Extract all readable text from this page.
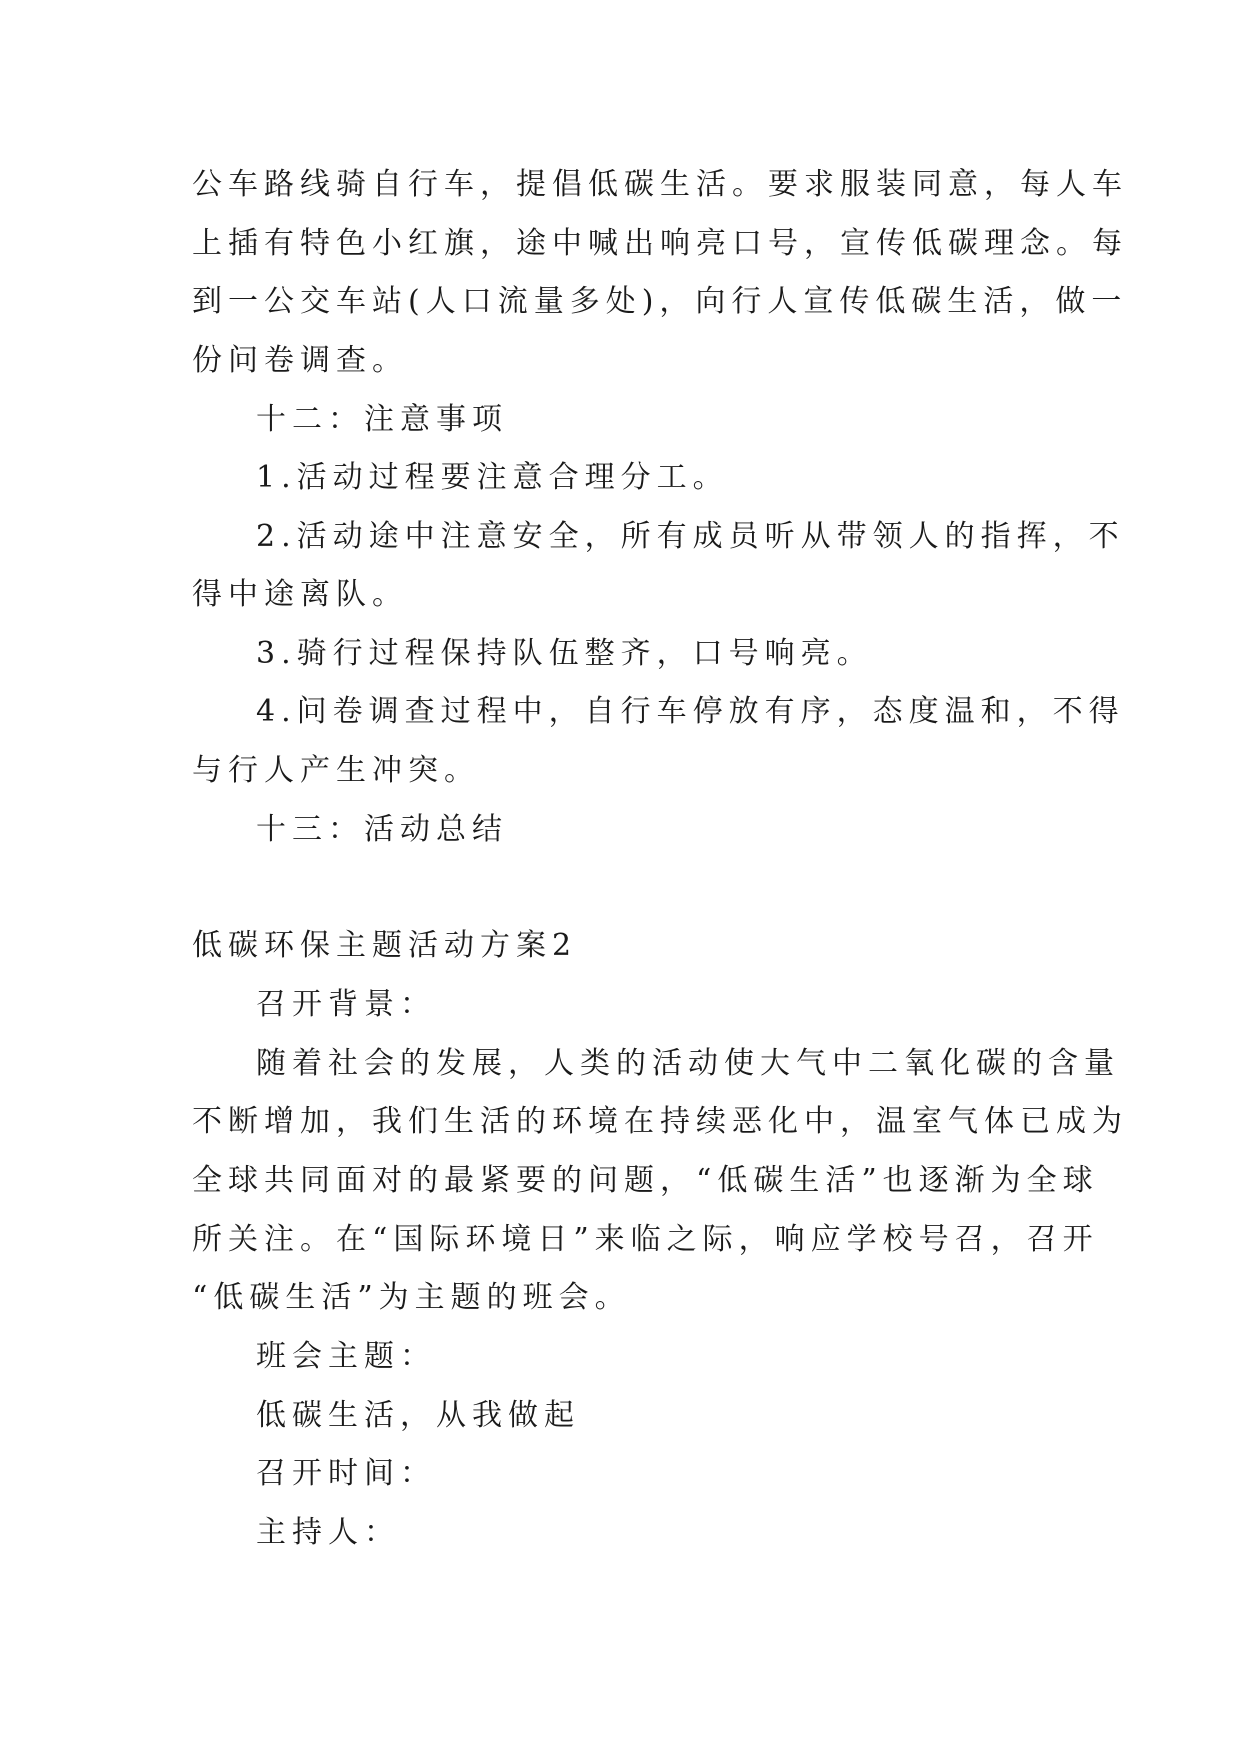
公车路线骑自行车，提倡低碳生活。要求服装同意，每人车
上插有特色小红旗，途中喊出响亮口号，宣传低碳理念。每
到一公交车站(人口流量多处)，向行人宣传低碳生活，做一
份问卷调查。
十二：注意事项
1.活动过程要注意合理分工。
2.活动途中注意安全，所有成员听从带领人的指挥，不
得中途离队。
3.骑行过程保持队伍整齐，口号响亮。
4.问卷调查过程中，自行车停放有序，态度温和，不得
与行人产生冲突。
十三：活动总结
低碳环保主题活动方案2
召开背景：
随着社会的发展，人类的活动使大气中二氧化碳的含量
不断增加，我们生活的环境在持续恶化中，温室气体已成为
全球共同面对的最紧要的问题，“低碳生活”也逐渐为全球
所关注。在“国际环境日”来临之际，响应学校号召，召开
“低碳生活”为主题的班会。
班会主题：
低碳生活，从我做起
召开时间：
主持人：
